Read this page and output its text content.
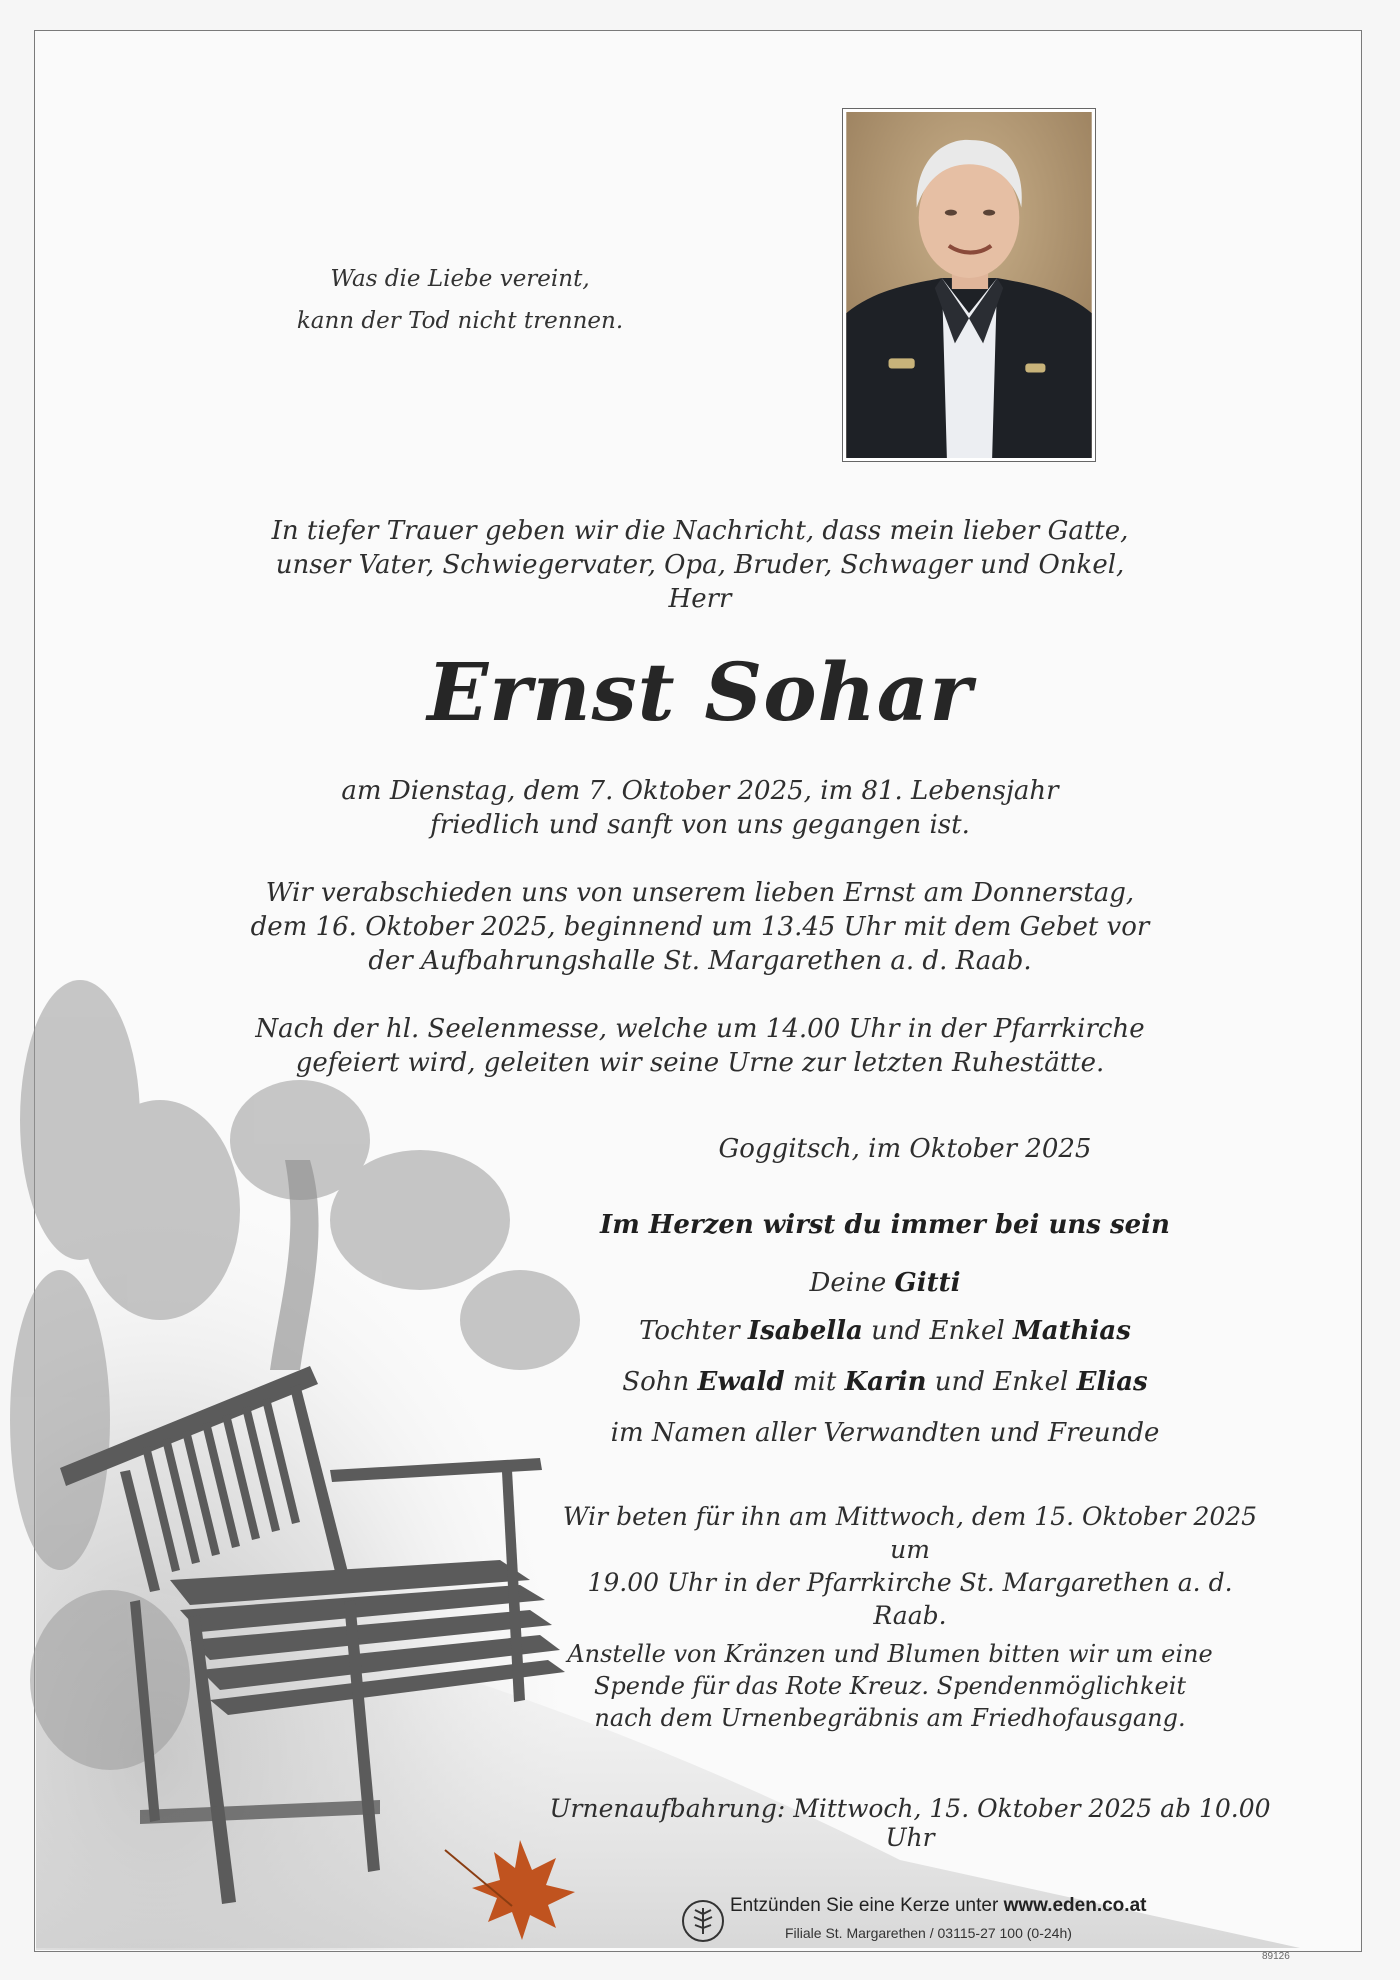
Was die Liebe vereint,
kann der Tod nicht trennen.
In tiefer Trauer geben wir die Nachricht, dass mein lieber Gatte,
unser Vater, Schwiegervater, Opa, Bruder, Schwager und Onkel,
Herr
Ernst Sohar
am Dienstag, dem 7. Oktober 2025, im 81. Lebensjahr
friedlich und sanft von uns gegangen ist.
Wir verabschieden uns von unserem lieben Ernst am Donnerstag,
dem 16. Oktober 2025, beginnend um 13.45 Uhr mit dem Gebet vor
der Aufbahrungshalle St. Margarethen a. d. Raab.
Nach der hl. Seelenmesse, welche um 14.00 Uhr in der Pfarrkirche
gefeiert wird, geleiten wir seine Urne zur letzten Ruhestätte.
Goggitsch, im Oktober 2025
Im Herzen wirst du immer bei uns sein
Deine Gitti
Tochter Isabella und Enkel Mathias
Sohn Ewald mit Karin und Enkel Elias
im Namen aller Verwandten und Freunde
Wir beten für ihn am Mittwoch, dem 15. Oktober 2025 um
19.00 Uhr in der Pfarrkirche St. Margarethen a. d. Raab.
Anstelle von Kränzen und Blumen bitten wir um eine
Spende für das Rote Kreuz. Spendenmöglichkeit
nach dem Urnenbegräbnis am Friedhofausgang.
Urnenaufbahrung: Mittwoch, 15. Oktober 2025 ab 10.00 Uhr
Entzünden Sie eine Kerze unter www.eden.co.at
Filiale St. Margarethen / 03115-27 100 (0-24h)
89126
